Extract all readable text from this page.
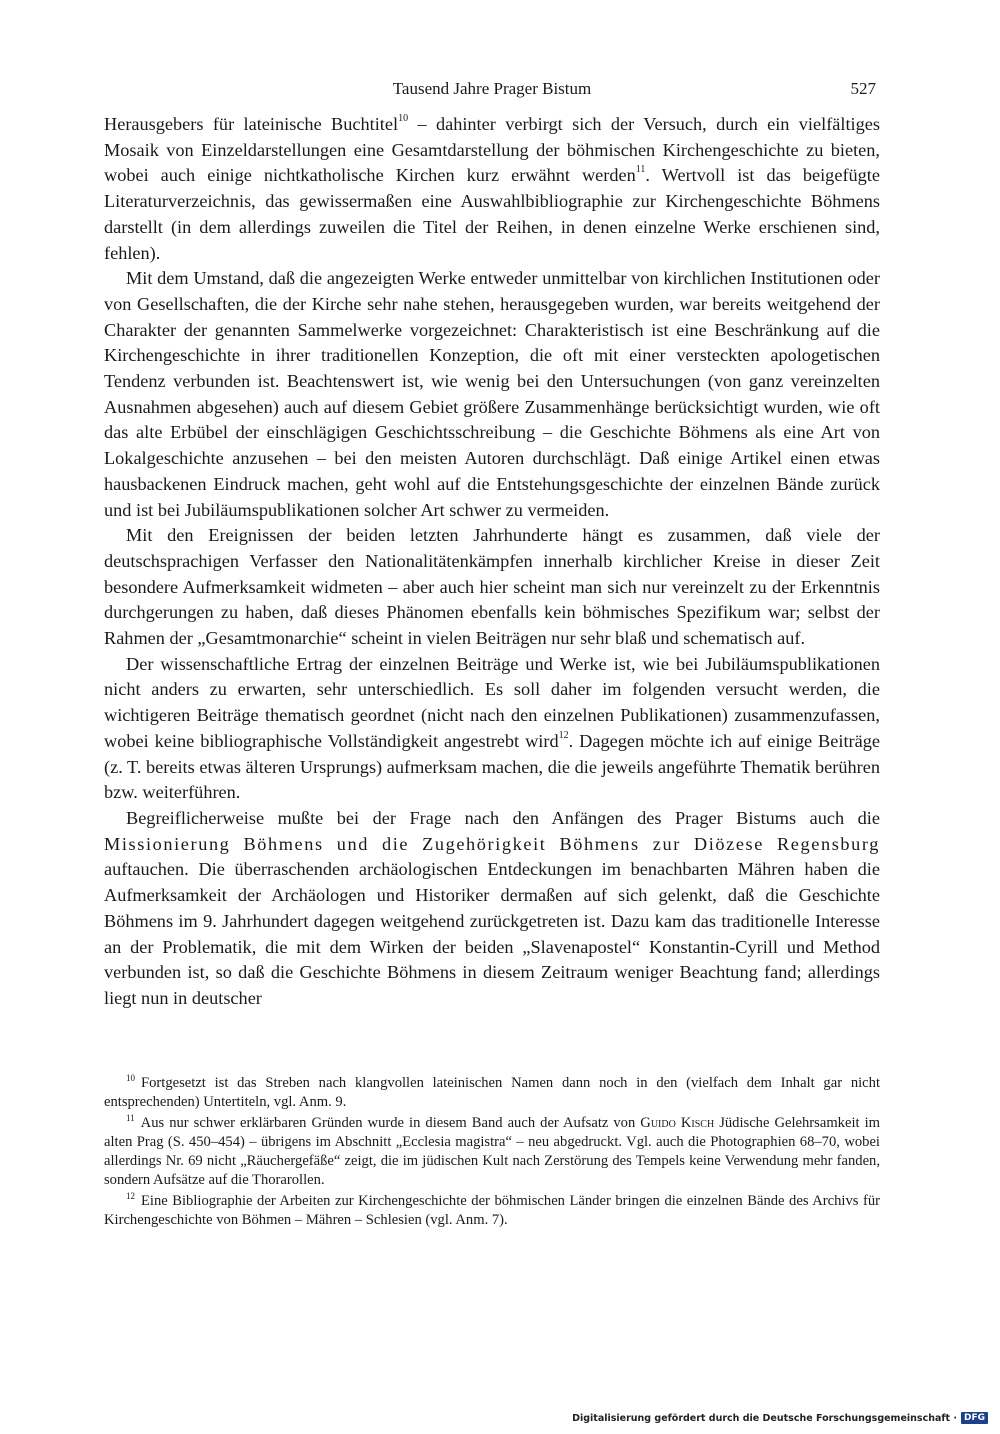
Tausend Jahre Prager Bistum	527

Herausgebers für lateinische Buchtitel$^{10}$ – dahinter verbirgt sich der Versuch, durch ein vielfältiges Mosaik von Einzeldarstellungen eine Gesamtdarstellung der böhmischen Kirchengeschichte zu bieten, wobei auch einige nichtkatholische Kirchen kurz erwähnt werden$^{11}$. Wertvoll ist das beigefügte Literaturverzeichnis, das gewissermaßen eine Auswahlbibliographie zur Kirchengeschichte Böhmens darstellt (in dem allerdings zuweilen die Titel der Reihen, in denen einzelne Werke erschienen sind, fehlen).

Mit dem Umstand, daß die angezeigten Werke entweder unmittelbar von kirchlichen Institutionen oder von Gesellschaften, die der Kirche sehr nahe stehen, herausgegeben wurden, war bereits weitgehend der Charakter der genannten Sammelwerke vorgezeichnet: Charakteristisch ist eine Beschränkung auf die Kirchengeschichte in ihrer traditionellen Konzeption, die oft mit einer versteckten apologetischen Tendenz verbunden ist. Beachtenswert ist, wie wenig bei den Untersuchungen (von ganz vereinzelten Ausnahmen abgesehen) auch auf diesem Gebiet größere Zusammenhänge berücksichtigt wurden, wie oft das alte Erbübel der einschlägigen Geschichtsschreibung – die Geschichte Böhmens als eine Art von Lokalgeschichte anzusehen – bei den meisten Autoren durchschlägt. Daß einige Artikel einen etwas hausbackenen Eindruck machen, geht wohl auf die Entstehungsgeschichte der einzelnen Bände zurück und ist bei Jubiläumspublikationen solcher Art schwer zu vermeiden.

Mit den Ereignissen der beiden letzten Jahrhunderte hängt es zusammen, daß viele der deutschsprachigen Verfasser den Nationalitätenkämpfen innerhalb kirchlicher Kreise in dieser Zeit besondere Aufmerksamkeit widmeten – aber auch hier scheint man sich nur vereinzelt zu der Erkenntnis durchgerungen zu haben, daß dieses Phänomen ebenfalls kein böhmisches Spezifikum war; selbst der Rahmen der „Gesamtmonarchie“ scheint in vielen Beiträgen nur sehr blaß und schematisch auf.

Der wissenschaftliche Ertrag der einzelnen Beiträge und Werke ist, wie bei Jubiläumspublikationen nicht anders zu erwarten, sehr unterschiedlich. Es soll daher im folgenden versucht werden, die wichtigeren Beiträge thematisch geordnet (nicht nach den einzelnen Publikationen) zusammenzufassen, wobei keine bibliographische Vollständigkeit angestrebt wird$^{12}$. Dagegen möchte ich auf einige Beiträge (z. T. bereits etwas älteren Ursprungs) aufmerksam machen, die die jeweils angeführte Thematik berühren bzw. weiterführen.

Begreiflicherweise mußte bei der Frage nach den Anfängen des Prager Bistums auch die Missionierung Böhmens und die Zugehörigkeit Böhmens zur Diözese Regensburg auftauchen. Die überraschenden archäologischen Entdeckungen im benachbarten Mähren haben die Aufmerksamkeit der Archäologen und Historiker dermaßen auf sich gelenkt, daß die Geschichte Böhmens im 9. Jahrhundert dagegen weitgehend zurückgetreten ist. Dazu kam das traditionelle Interesse an der Problematik, die mit dem Wirken der beiden „Slavenapostel“ Konstantin-Cyrill und Method verbunden ist, so daß die Geschichte Böhmens in diesem Zeitraum weniger Beachtung fand; allerdings liegt nun in deutscher

$^{10}$ Fortgesetzt ist das Streben nach klangvollen lateinischen Namen dann noch in den (vielfach dem Inhalt gar nicht entsprechenden) Untertiteln, vgl. Anm. 9.

$^{11}$ Aus nur schwer erklärbaren Gründen wurde in diesem Band auch der Aufsatz von Guido Kisch Jüdische Gelehrsamkeit im alten Prag (S. 450–454) – übrigens im Abschnitt „Ecclesia magistra“ – neu abgedruckt. Vgl. auch die Photographien 68–70, wobei allerdings Nr. 69 nicht „Räuchergefäße“ zeigt, die im jüdischen Kult nach Zerstörung des Tempels keine Verwendung mehr fanden, sondern Aufsätze auf die Thorarollen.

$^{12}$ Eine Bibliographie der Arbeiten zur Kirchengeschichte der böhmischen Länder bringen die einzelnen Bände des Archivs für Kirchengeschichte von Böhmen – Mähren – Schlesien (vgl. Anm. 7).

Digitalisierung gefördert durch die Deutsche Forschungsgemeinschaft · DFG
